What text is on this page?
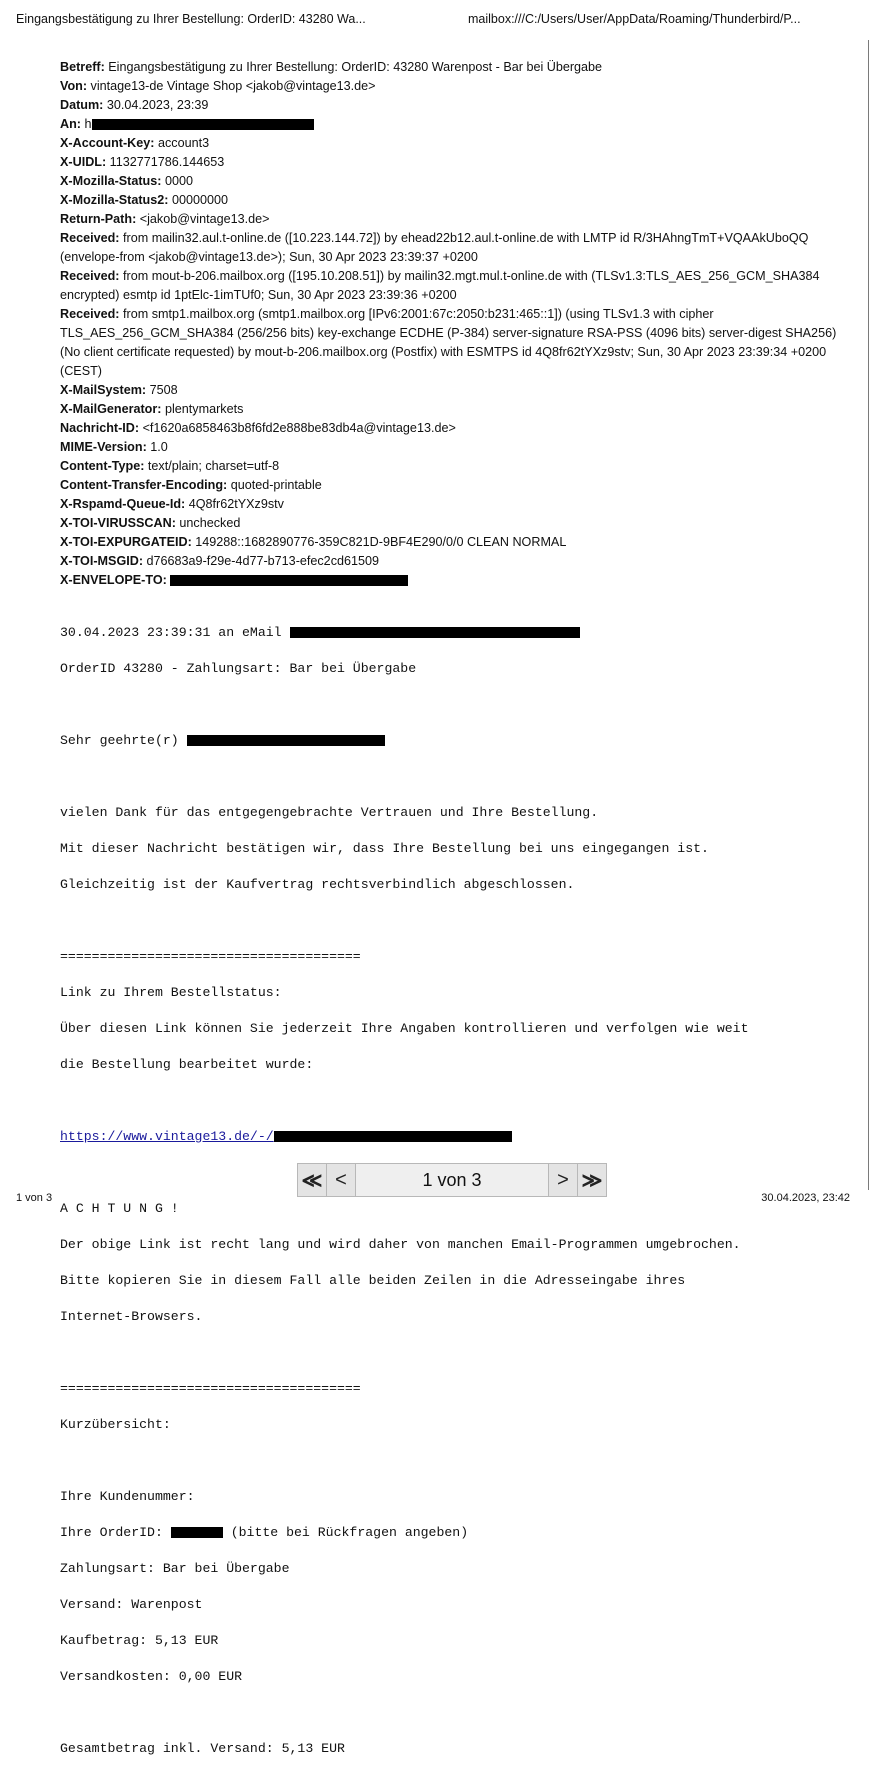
Eingangsbestätigung zu Ihrer Bestellung: OrderID: 43280 Wa...	mailbox:///C:/Users/User/AppData/Roaming/Thunderbird/P...
Betreff: Eingangsbestätigung zu Ihrer Bestellung: OrderID: 43280 Warenpost - Bar bei Übergabe
Von: vintage13-de Vintage Shop <jakob@vintage13.de>
Datum: 30.04.2023, 23:39
An: h
X-Account-Key: account3
X-UIDL: 1132771786.144653
X-Mozilla-Status: 0000
X-Mozilla-Status2: 00000000
Return-Path: <jakob@vintage13.de>
Received: from mailin32.aul.t-online.de ([10.223.144.72]) by ehead22b12.aul.t-online.de with LMTP id R/3HAhngTmT+VQAAkUboQQ (envelope-from <jakob@vintage13.de>); Sun, 30 Apr 2023 23:39:37 +0200
Received: from mout-b-206.mailbox.org ([195.10.208.51]) by mailin32.mgt.mul.t-online.de with (TLSv1.3:TLS_AES_256_GCM_SHA384 encrypted) esmtp id 1ptElc-1imTUf0; Sun, 30 Apr 2023 23:39:36 +0200
Received: from smtp1.mailbox.org (smtp1.mailbox.org [IPv6:2001:67c:2050:b231:465::1]) (using TLSv1.3 with cipher TLS_AES_256_GCM_SHA384 (256/256 bits) key-exchange ECDHE (P-384) server-signature RSA-PSS (4096 bits) server-digest SHA256) (No client certificate requested) by mout-b-206.mailbox.org (Postfix) with ESMTPS id 4Q8fr62tYXz9stv; Sun, 30 Apr 2023 23:39:34 +0200 (CEST)
X-MailSystem: 7508
X-MailGenerator: plentymarkets
Nachricht-ID: <f1620a6858463b8f6fd2e888be83db4a@vintage13.de>
MIME-Version: 1.0
Content-Type: text/plain; charset=utf-8
Content-Transfer-Encoding: quoted-printable
X-Rspamd-Queue-Id: 4Q8fr62tYXz9stv
X-TOI-VIRUSSCAN: unchecked
X-TOI-EXPURGATEID: 149288::1682890776-359C821D-9BF4E290/0/0 CLEAN NORMAL
X-TOI-MSGID: d76683a9-f29e-4d77-b713-efec2cd61509
X-ENVELOPE-TO:

30.04.2023 23:39:31 an eMail

OrderID 43280 - Zahlungsart: Bar bei Übergabe

Sehr geehrte(r)

vielen Dank für das entgegengebrachte Vertrauen und Ihre Bestellung.

Mit dieser Nachricht bestätigen wir, dass Ihre Bestellung bei uns eingegangen ist.

Gleichzeitig ist der Kaufvertrag rechtsverbindlich abgeschlossen.

======================================

Link zu Ihrem Bestellstatus:

Über diesen Link können Sie jederzeit Ihre Angaben kontrollieren und verfolgen wie weit

die Bestellung bearbeitet wurde:

https://www.vintage13.de/-/

A C H T U N G !

Der obige Link ist recht lang und wird daher von manchen Email-Programmen umgebrochen.

Bitte kopieren Sie in diesem Fall alle beiden Zeilen in die Adresseingabe ihres

Internet-Browsers.

======================================

Kurzübersicht:

Ihre Kundenummer:

Ihre OrderID:	(bitte bei Rückfragen angeben)

Zahlungsart: Bar bei Übergabe

Versand: Warenpost

Kaufbetrag: 5,13 EUR

Versandkosten: 0,00 EUR

Gesamtbetrag inkl. Versand: 5,13 EUR

≪ <	1 von 3	> ≫
1 von 3	30.04.2023, 23:42
